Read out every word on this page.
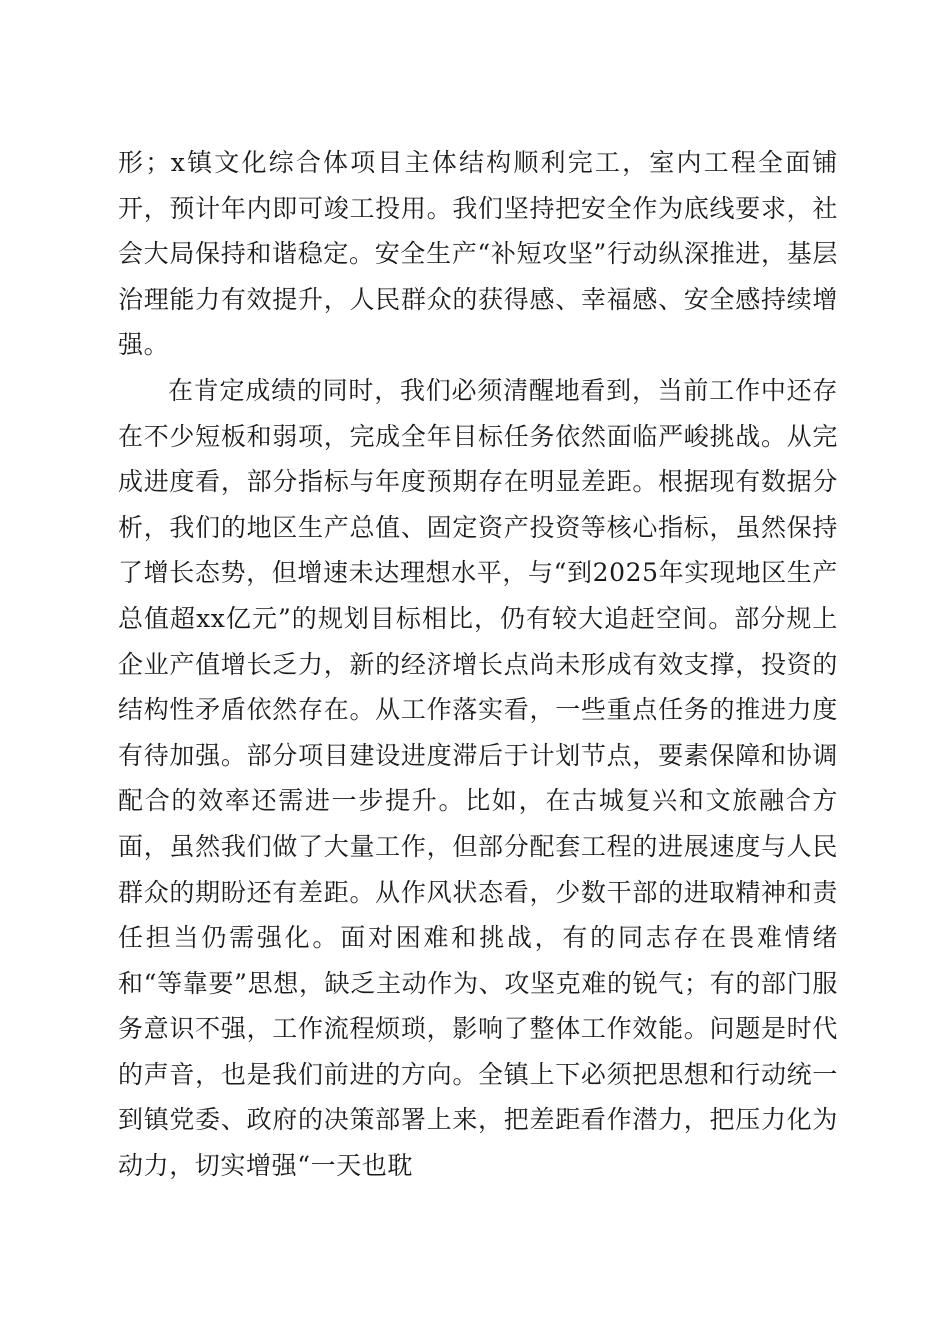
形；x镇文化综合体项目主体结构顺利完工，室内工程全面铺开，预计年内即可竣工投用。我们坚持把安全作为底线要求，社会大局保持和谐稳定。安全生产“补短攻坚”行动纵深推进，基层治理能力有效提升，人民群众的获得感、幸福感、安全感持续增强。

在肯定成绩的同时，我们必须清醒地看到，当前工作中还存在不少短板和弱项，完成全年目标任务依然面临严峻挑战。从完成进度看，部分指标与年度预期存在明显差距。根据现有数据分析，我们的地区生产总值、固定资产投资等核心指标，虽然保持了增长态势，但增速未达理想水平，与“到2025年实现地区生产总值超xx亿元”的规划目标相比，仍有较大追赶空间。部分规上企业产值增长乏力，新的经济增长点尚未形成有效支撑，投资的结构性矛盾依然存在。从工作落实看，一些重点任务的推进力度有待加强。部分项目建设进度滞后于计划节点，要素保障和协调配合的效率还需进一步提升。比如，在古城复兴和文旅融合方面，虽然我们做了大量工作，但部分配套工程的进展速度与人民群众的期盼还有差距。从作风状态看，少数干部的进取精神和责任担当仍需强化。面对困难和挑战，有的同志存在畏难情绪和“等靠要”思想，缺乏主动作为、攻坚克难的锐气；有的部门服务意识不强，工作流程烦琐，影响了整体工作效能。问题是时代的声音，也是我们前进的方向。全镇上下必须把思想和行动统一到镇党委、政府的决策部署上来，把差距看作潜力，把压力化为动力，切实增强“一天也耽
